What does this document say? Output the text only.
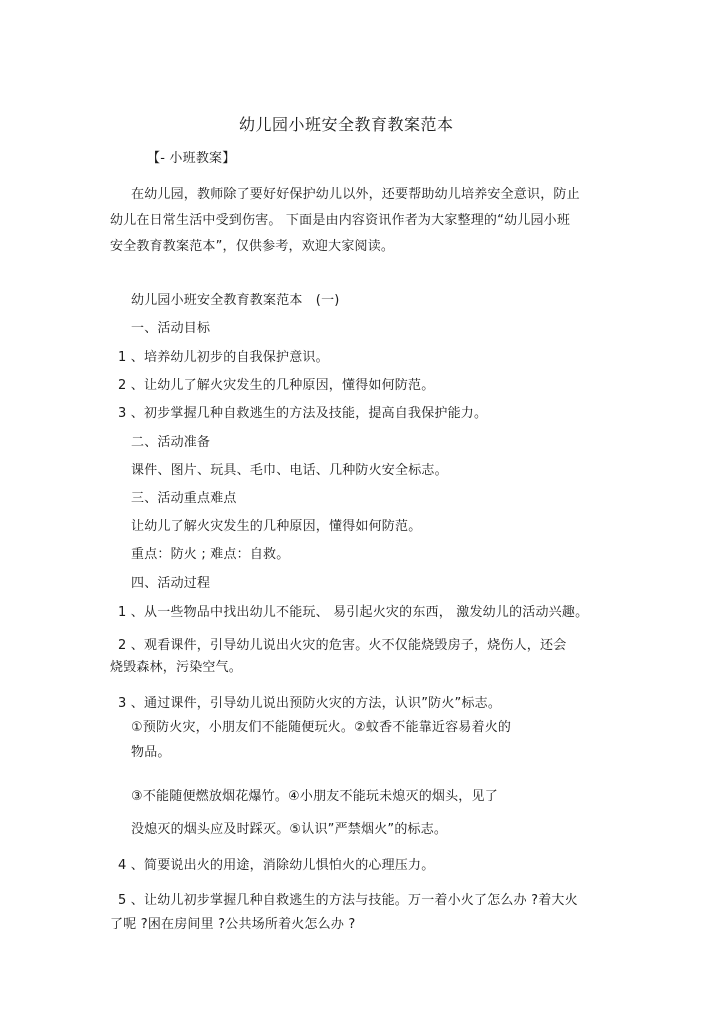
幼儿园小班安全教育教案范本
【- 小班教案】
在幼儿园，教师除了要好好保护幼儿以外，还要帮助幼儿培养安全意识，防止
幼儿在日常生活中受到伤害。 下面是由内容资讯作者为大家整理的“幼儿园小班
安全教育教案范本”，仅供参考，欢迎大家阅读。
幼儿园小班安全教育教案范本　(一)
一、活动目标
1 、培养幼儿初步的自我保护意识。
2 、让幼儿了解火灾发生的几种原因，懂得如何防范。
3 、初步掌握几种自救逃生的方法及技能，提高自我保护能力。
二、活动准备
课件、图片、玩具、毛巾、电话、几种防火安全标志。
三、活动重点难点
让幼儿了解火灾发生的几种原因，懂得如何防范。
重点：防火 ; 难点：自救。
四、活动过程
1 、从一些物品中找出幼儿不能玩、 易引起火灾的东西， 激发幼儿的活动兴趣。
2 、观看课件，引导幼儿说出火灾的危害。火不仅能烧毁房子，烧伤人，还会
烧毁森林，污染空气。
3 、通过课件，引导幼儿说出预防火灾的方法，认识”防火”标志。
①预防火灾，小朋友们不能随便玩火。②蚊香不能靠近容易着火的
物品。
③不能随便燃放烟花爆竹。④小朋友不能玩未熄灭的烟头，见了
没熄灭的烟头应及时踩灭。⑤认识”严禁烟火”的标志。
4 、简要说出火的用途，消除幼儿惧怕火的心理压力。
5 、让幼儿初步掌握几种自救逃生的方法与技能。万一着小火了怎么办 ?着大火
了呢 ?困在房间里 ?公共场所着火怎么办 ?
